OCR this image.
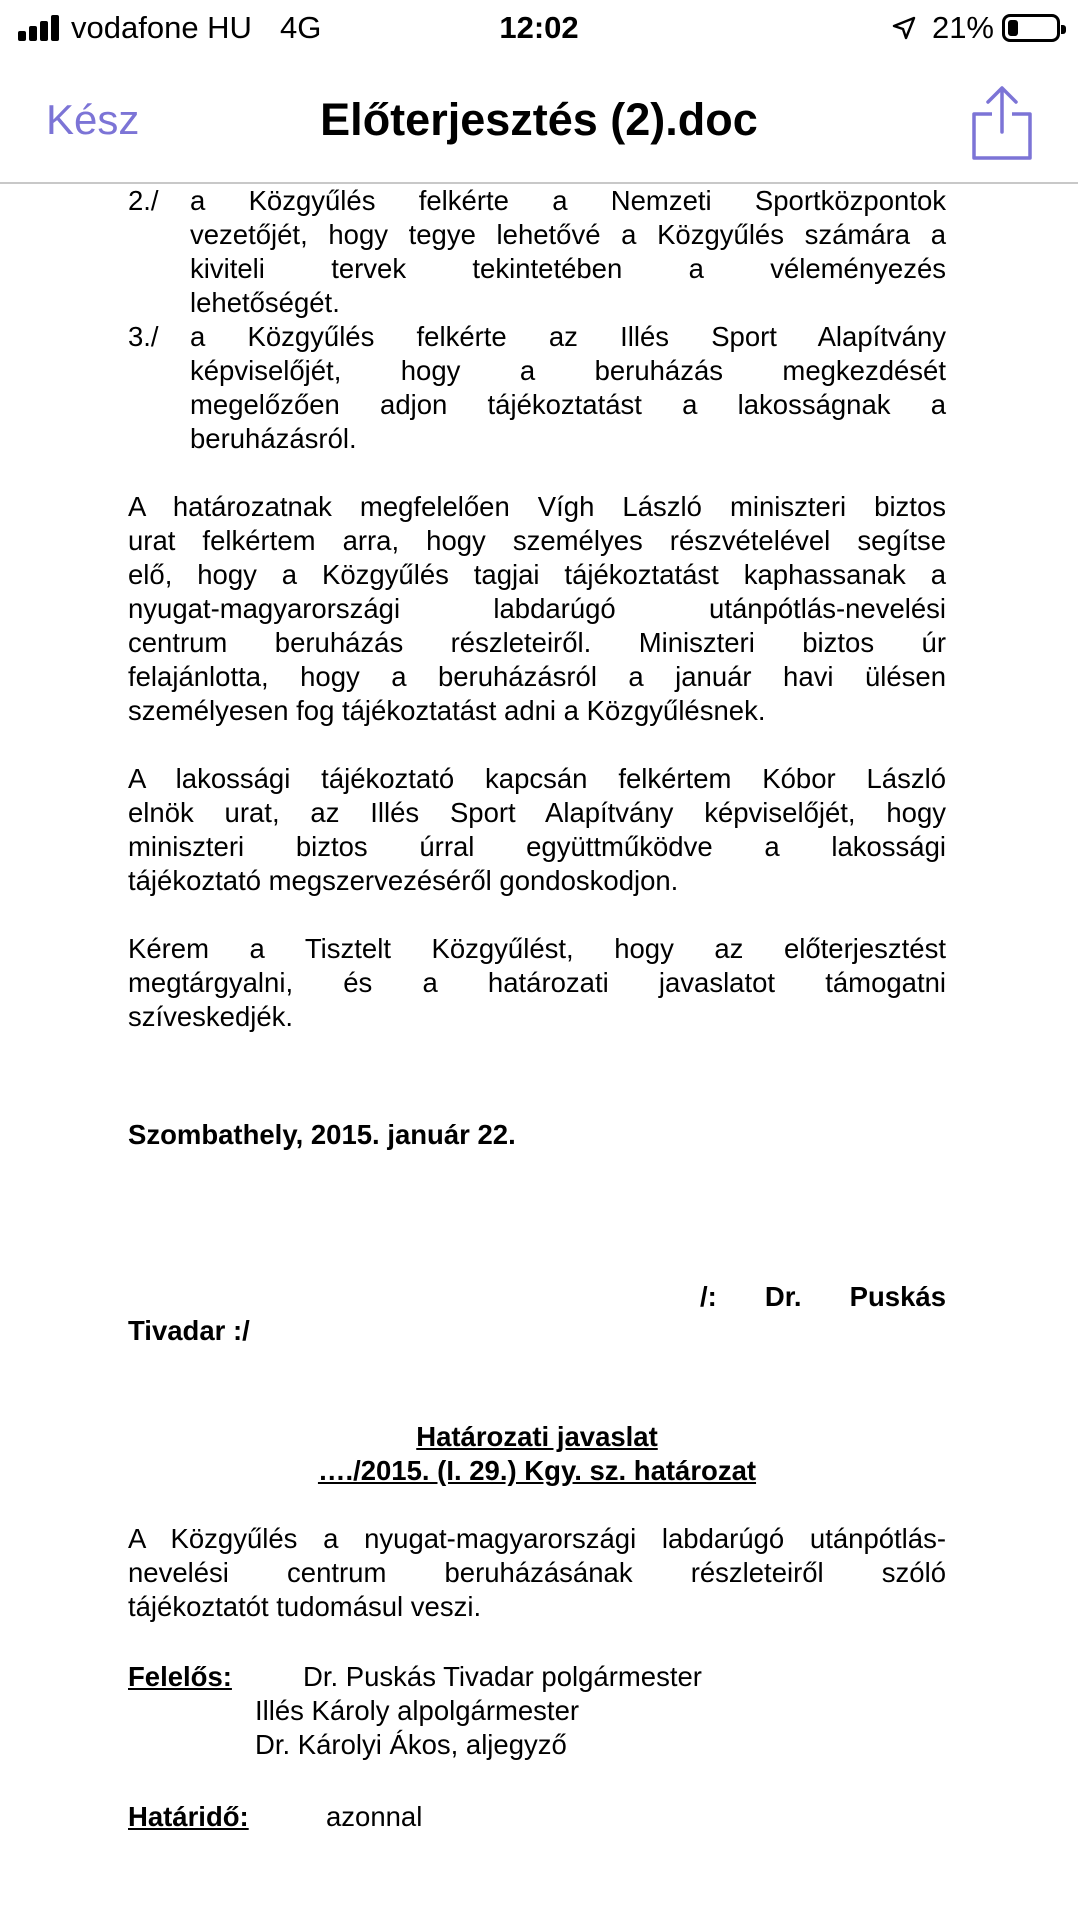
vodafone HU 4G	12:02	21%
Kész	Előterjesztés (2).doc
2./	a Közgyűlés felkérte a Nemzeti Sportközpontok
vezetőjét, hogy tegye lehetővé a Közgyűlés számára a
kiviteli tervek tekintetében a véleményezés
lehetőségét.
3./	a Közgyűlés felkérte az Illés Sport Alapítvány
képviselőjét, hogy a beruházás megkezdését
megelőzően adjon tájékoztatást a lakosságnak a
beruházásról.
A határozatnak megfelelően Vígh László miniszteri biztos
urat felkértem arra, hogy személyes részvételével segítse
elő, hogy a Közgyűlés tagjai tájékoztatást kaphassanak a
nyugat-magyarországi labdarúgó utánpótlás-nevelési
centrum beruházás részleteiről. Miniszteri biztos úr
felajánlotta, hogy a beruházásról a január havi ülésen
személyesen fog tájékoztatást adni a Közgyűlésnek.
A lakossági tájékoztató kapcsán felkértem Kóbor László
elnök urat, az Illés Sport Alapítvány képviselőjét, hogy
miniszteri biztos úrral együttműködve a lakossági
tájékoztató megszervezéséről gondoskodjon.
Kérem a Tisztelt Közgyűlést, hogy az előterjesztést
megtárgyalni, és a határozati javaslatot támogatni
szíveskedjék.
Szombathely, 2015. január 22.
/: Dr. Puskás
Tivadar :/
Határozati javaslat
…./2015. (I. 29.) Kgy. sz. határozat
A Közgyűlés a nyugat-magyarországi labdarúgó utánpótlás-
nevelési centrum beruházásának részleteiről szóló
tájékoztatót tudomásul veszi.
Felelős:	Dr. Puskás Tivadar polgármester
Illés Károly alpolgármester
Dr. Károlyi Ákos, aljegyző
Határidő:	azonnal
